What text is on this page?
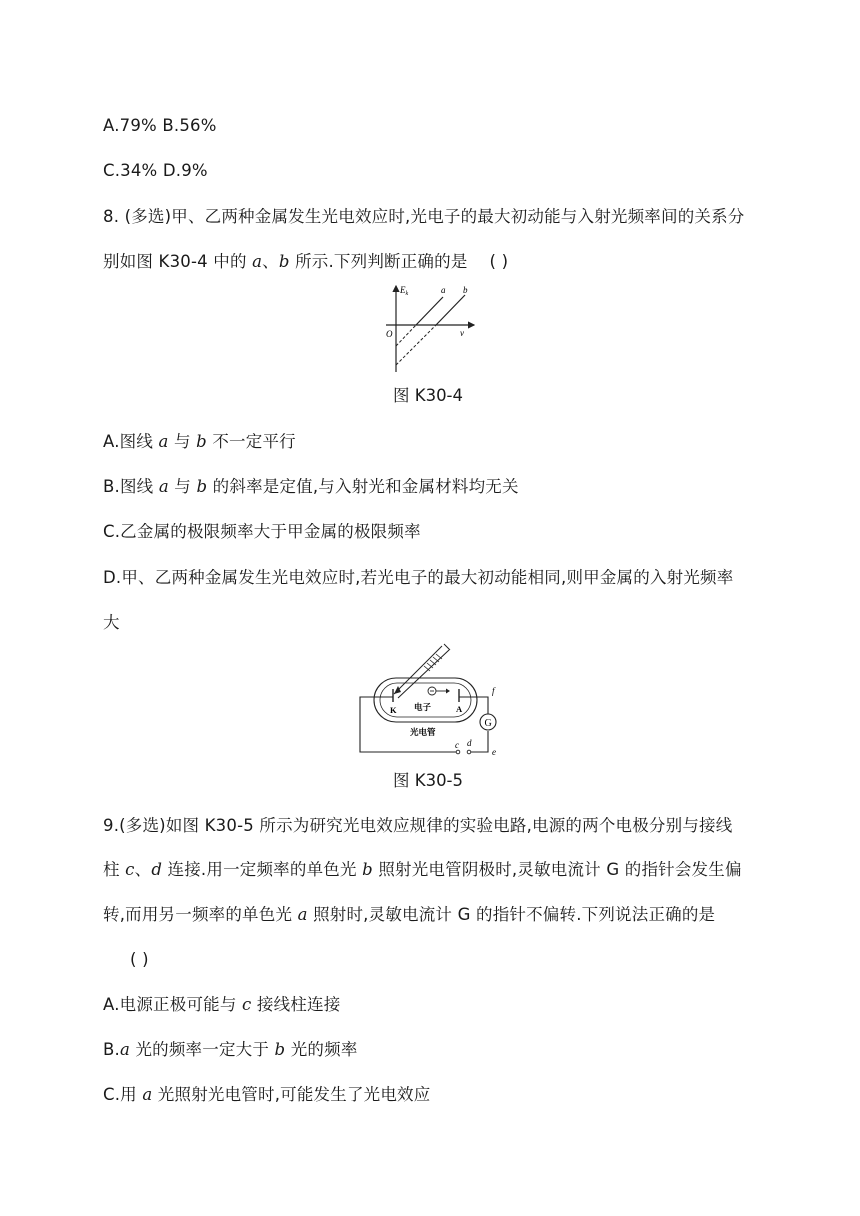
A.79% B.56%
C.34% D.9%
8. (多选)甲、乙两种金属发生光电效应时,光电子的最大初动能与入射光频率间的关系分
别如图 K30-4 中的 a、b 所示.下列判断正确的是 ( )
$E_k$
O	ν
a b
图 K30-4
A.图线 a 与 b 不一定平行
B.图线 a 与 b 的斜率是定值,与入射光和金属材料均无关
C.乙金属的极限频率大于甲金属的极限频率
D.甲、乙两种金属发生光电效应时,若光电子的最大初动能相同,则甲金属的入射光频率
大
G
K	A
电子
光电管
f
e
c d
图 K30-5
9.(多选)如图 K30-5 所示为研究光电效应规律的实验电路,电源的两个电极分别与接线
柱 c、d 连接.用一定频率的单色光 b 照射光电管阴极时,灵敏电流计 G 的指针会发生偏
转,而用另一频率的单色光 a 照射时,灵敏电流计 G 的指针不偏转.下列说法正确的是
( )
A.电源正极可能与 c 接线柱连接
B.a 光的频率一定大于 b 光的频率
C.用 a 光照射光电管时,可能发生了光电效应
